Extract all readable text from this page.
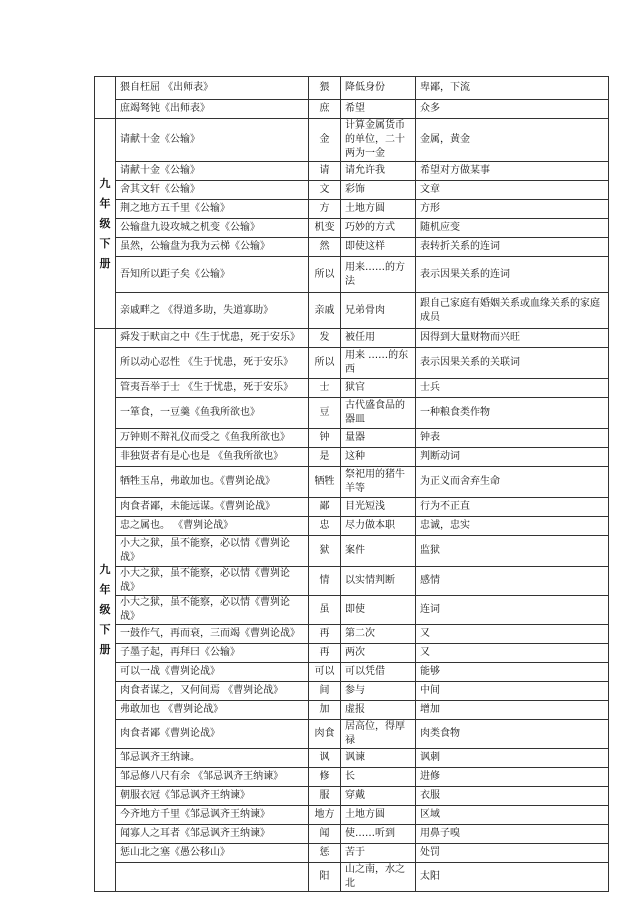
	猥自枉屈 《出师表》	猥	降低身份	卑鄙，下流
	庶竭驽钝《出师表》	庶	希望	众多

九
年
级
下
册	请献十金《公输》	金	计算金属货币的单位，二十两为一金	金属，黄金
	请献十金《公输》	请	请允许我	希望对方做某事
	舍其文轩《公输》	文	彩饰	文章
	荆之地方五千里《公输》	方	土地方圆	方形
	公输盘九设攻城之机变《公输》	机变	巧妙的方式	随机应变
	虽然，公输盘为我为云梯《公输》	然	即使这样	表转折关系的连词
	吾知所以距子矣《公输》	所以	用来……的方法	表示因果关系的连词
	亲戚畔之 《得道多助，失道寡助》	亲戚	兄弟骨肉	跟自己家庭有婚姻关系或血缘关系的家庭成员

九
年
级
下
册	舜发于畎亩之中《生于忧患，死于安乐》	发	被任用	因得到大量财物而兴旺
	所以动心忍性 《生于忧患，死于安乐》	所以	用来 ……的东西	表示因果关系的关联词
	管夷吾举于士 《生于忧患，死于安乐》	士	狱官	士兵
	一箪食，一豆羹《鱼我所欲也》	豆	古代盛食品的器皿	一种粮食类作物
	万钟则不辩礼仪而受之《鱼我所欲也》	钟	量器	钟表
	非独贤者有是心也是 《鱼我所欲也》	是	这种	判断动词
	牺牲玉帛，弗敢加也。《曹刿论战》	牺牲	祭祀用的猪牛羊等	为正义而舍弃生命
	肉食者鄙，未能远谋。《曹刿论战》	鄙	目光短浅	行为不正直
	忠之属也。 《曹刿论战》	忠	尽力做本职	忠诚，忠实
	小大之狱，虽不能察，必以情《曹刿论战》	狱	案件	监狱
	小大之狱，虽不能察，必以情《曹刿论战》	情	以实情判断	感情
	小大之狱，虽不能察，必以情《曹刿论战》	虽	即使	连词
	一鼓作气，再而衰，三而竭《曹刿论战》	再	第二次	又
	子墨子起，再拜曰《公输》	再	两次	又
	可以一战《曹刿论战》	可以	可以凭借	能够
	肉食者谋之，又何间焉 《曹刿论战》	间	参与	中间
	弗敢加也 《曹刿论战》	加	虚报	增加
	肉食者鄙《曹刿论战》	肉食	居高位，得厚禄	肉类食物
	邹忌讽齐王纳谏。	讽	讽谏	讽刺
	邹忌修八尺有余 《邹忌讽齐王纳谏》	修	长	进修
	朝服衣冠《邹忌讽齐王纳谏》	服	穿戴	衣服
	今齐地方千里《邹忌讽齐王纳谏》	地方	土地方圆	区域
	闻寡人之耳者《邹忌讽齐王纳谏》	闻	使……听到	用鼻子嗅
	惩山北之塞《愚公移山》	惩	苦于	处罚
		阳	山之南，水之北	太阳
